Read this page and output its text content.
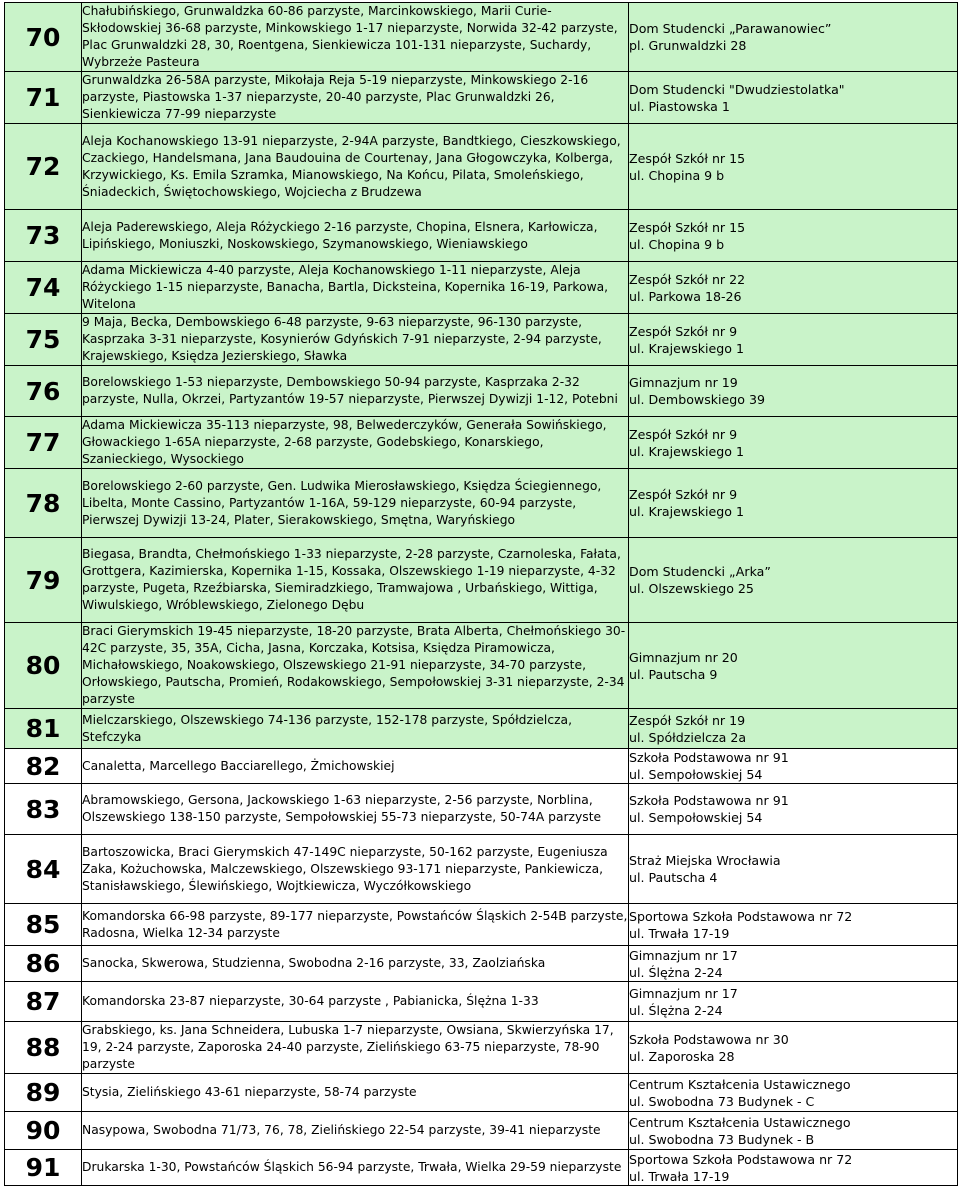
70	Chałubińskiego, Grunwaldzka 60-86 parzyste, Marcinkowskiego, Marii Curie-Skłodowskiej 36-68 parzyste, Minkowskiego 1-17 nieparzyste, Norwida 32-42 parzyste, Plac Grunwaldzki 28, 30, Roentgena, Sienkiewicza 101-131 nieparzyste, Suchardy, Wybrzeże Pasteura	Dom Studencki „Parawanowiec”
pl. Grunwaldzki 28

71	Grunwaldzka 26-58A parzyste, Mikołaja Reja 5-19 nieparzyste, Minkowskiego 2-16 parzyste, Piastowska 1-37 nieparzyste, 20-40 parzyste, Plac Grunwaldzki 26, Sienkiewicza 77-99 nieparzyste	Dom Studencki "Dwudziestolatka"
ul. Piastowska 1

72	Aleja Kochanowskiego 13-91 nieparzyste, 2-94A parzyste, Bandtkiego, Cieszkowskiego, Czackiego, Handelsmana, Jana Baudouina de Courtenay, Jana Głogowczyka, Kolberga, Krzywickiego, Ks. Emila Szramka, Mianowskiego, Na Końcu, Pilata, Smoleńskiego, Śniadeckich, Świętochowskiego, Wojciecha z Brudzewa	Zespół Szkół nr 15
ul. Chopina 9 b

73	Aleja Paderewskiego, Aleja Różyckiego 2-16 parzyste, Chopina, Elsnera, Karłowicza, Lipińskiego, Moniuszki, Noskowskiego, Szymanowskiego, Wieniawskiego	Zespół Szkół nr 15
ul. Chopina 9 b

74	Adama Mickiewicza 4-40 parzyste, Aleja Kochanowskiego 1-11 nieparzyste, Aleja Różyckiego 1-15 nieparzyste, Banacha, Bartla, Dicksteina, Kopernika 16-19, Parkowa, Witelona	Zespół Szkół nr 22
ul. Parkowa 18-26

75	9 Maja, Becka, Dembowskiego 6-48 parzyste, 9-63 nieparzyste, 96-130 parzyste, Kasprzaka 3-31 nieparzyste, Kosynierów Gdyńskich 7-91 nieparzyste, 2-94 parzyste, Krajewskiego, Księdza Jezierskiego, Sławka	Zespół Szkół nr 9
ul. Krajewskiego 1

76	Borelowskiego 1-53 nieparzyste, Dembowskiego 50-94 parzyste, Kasprzaka 2-32 parzyste, Nulla, Okrzei, Partyzantów 19-57 nieparzyste, Pierwszej Dywizji 1-12, Potebni	Gimnazjum nr 19
ul. Dembowskiego 39

77	Adama Mickiewicza 35-113 nieparzyste, 98, Belwederczyków, Generała Sowińskiego, Głowackiego 1-65A nieparzyste, 2-68 parzyste, Godebskiego, Konarskiego, Szanieckiego, Wysockiego	Zespół Szkół nr 9
ul. Krajewskiego 1

78	Borelowskiego 2-60 parzyste, Gen. Ludwika Mierosławskiego, Księdza Ściegiennego, Libelta, Monte Cassino, Partyzantów 1-16A, 59-129 nieparzyste, 60-94 parzyste, Pierwszej Dywizji 13-24, Plater, Sierakowskiego, Smętna, Waryńskiego	Zespół Szkół nr 9
ul. Krajewskiego 1

79	Biegasa, Brandta, Chełmońskiego 1-33 nieparzyste, 2-28 parzyste, Czarnoleska, Fałata, Grottgera, Kazimierska, Kopernika 1-15, Kossaka, Olszewskiego 1-19 nieparzyste, 4-32 parzyste, Pugeta, Rzeźbiarska, Siemiradzkiego, Tramwajowa , Urbańskiego, Wittiga, Wiwulskiego, Wróblewskiego, Zielonego Dębu	Dom Studencki „Arka”
ul. Olszewskiego 25

80	Braci Gierymskich 19-45 nieparzyste, 18-20 parzyste, Brata Alberta, Chełmońskiego 30-42C parzyste, 35, 35A, Cicha, Jasna, Korczaka, Kotsisa, Księdza Piramowicza, Michałowskiego, Noakowskiego, Olszewskiego 21-91 nieparzyste, 34-70 parzyste, Orłowskiego, Pautscha, Promień, Rodakowskiego, Sempołowskiej 3-31 nieparzyste, 2-34 parzyste	Gimnazjum nr 20
ul. Pautscha 9

81	Mielczarskiego, Olszewskiego 74-136 parzyste, 152-178 parzyste, Spółdzielcza, Stefczyka	Zespół Szkół nr 19
ul. Spółdzielcza 2a

82	Canaletta, Marcellego Bacciarellego, Żmichowskiej	Szkoła Podstawowa nr 91
ul. Sempołowskiej 54

83	Abramowskiego, Gersona, Jackowskiego 1-63 nieparzyste, 2-56 parzyste, Norblina, Olszewskiego 138-150 parzyste, Sempołowskiej 55-73 nieparzyste, 50-74A parzyste	Szkoła Podstawowa nr 91
ul. Sempołowskiej 54

84	Bartoszowicka, Braci Gierymskich 47-149C nieparzyste, 50-162 parzyste, Eugeniusza Zaka, Kożuchowska, Malczewskiego, Olszewskiego 93-171 nieparzyste, Pankiewicza, Stanisławskiego, Ślewińskiego, Wojtkiewicza, Wyczółkowskiego	Straż Miejska Wrocławia
ul. Pautscha 4

85	Komandorska 66-98 parzyste, 89-177 nieparzyste, Powstańców Śląskich 2-54B parzyste, Radosna, Wielka 12-34 parzyste	Sportowa Szkoła Podstawowa nr 72
ul. Trwała 17-19

86	Sanocka, Skwerowa, Studzienna, Swobodna 2-16 parzyste, 33, Zaolziańska	Gimnazjum nr 17
ul. Ślężna 2-24

87	Komandorska 23-87 nieparzyste, 30-64 parzyste , Pabianicka, Ślężna 1-33	Gimnazjum nr 17
ul. Ślężna 2-24

88	Grabskiego, ks. Jana Schneidera, Lubuska 1-7 nieparzyste, Owsiana, Skwierzyńska 17, 19, 2-24 parzyste, Zaporoska 24-40 parzyste, Zielińskiego 63-75 nieparzyste, 78-90 parzyste	Szkoła Podstawowa nr 30
ul. Zaporoska 28

89	Stysia, Zielińskiego 43-61 nieparzyste, 58-74 parzyste	Centrum Kształcenia Ustawicznego
ul. Swobodna 73 Budynek - C

90	Nasypowa, Swobodna 71/73, 76, 78, Zielińskiego 22-54 parzyste, 39-41 nieparzyste	Centrum Kształcenia Ustawicznego
ul. Swobodna 73 Budynek - B

91	Drukarska 1-30, Powstańców Śląskich 56-94 parzyste, Trwała, Wielka 29-59 nieparzyste	Sportowa Szkoła Podstawowa nr 72
ul. Trwała 17-19
